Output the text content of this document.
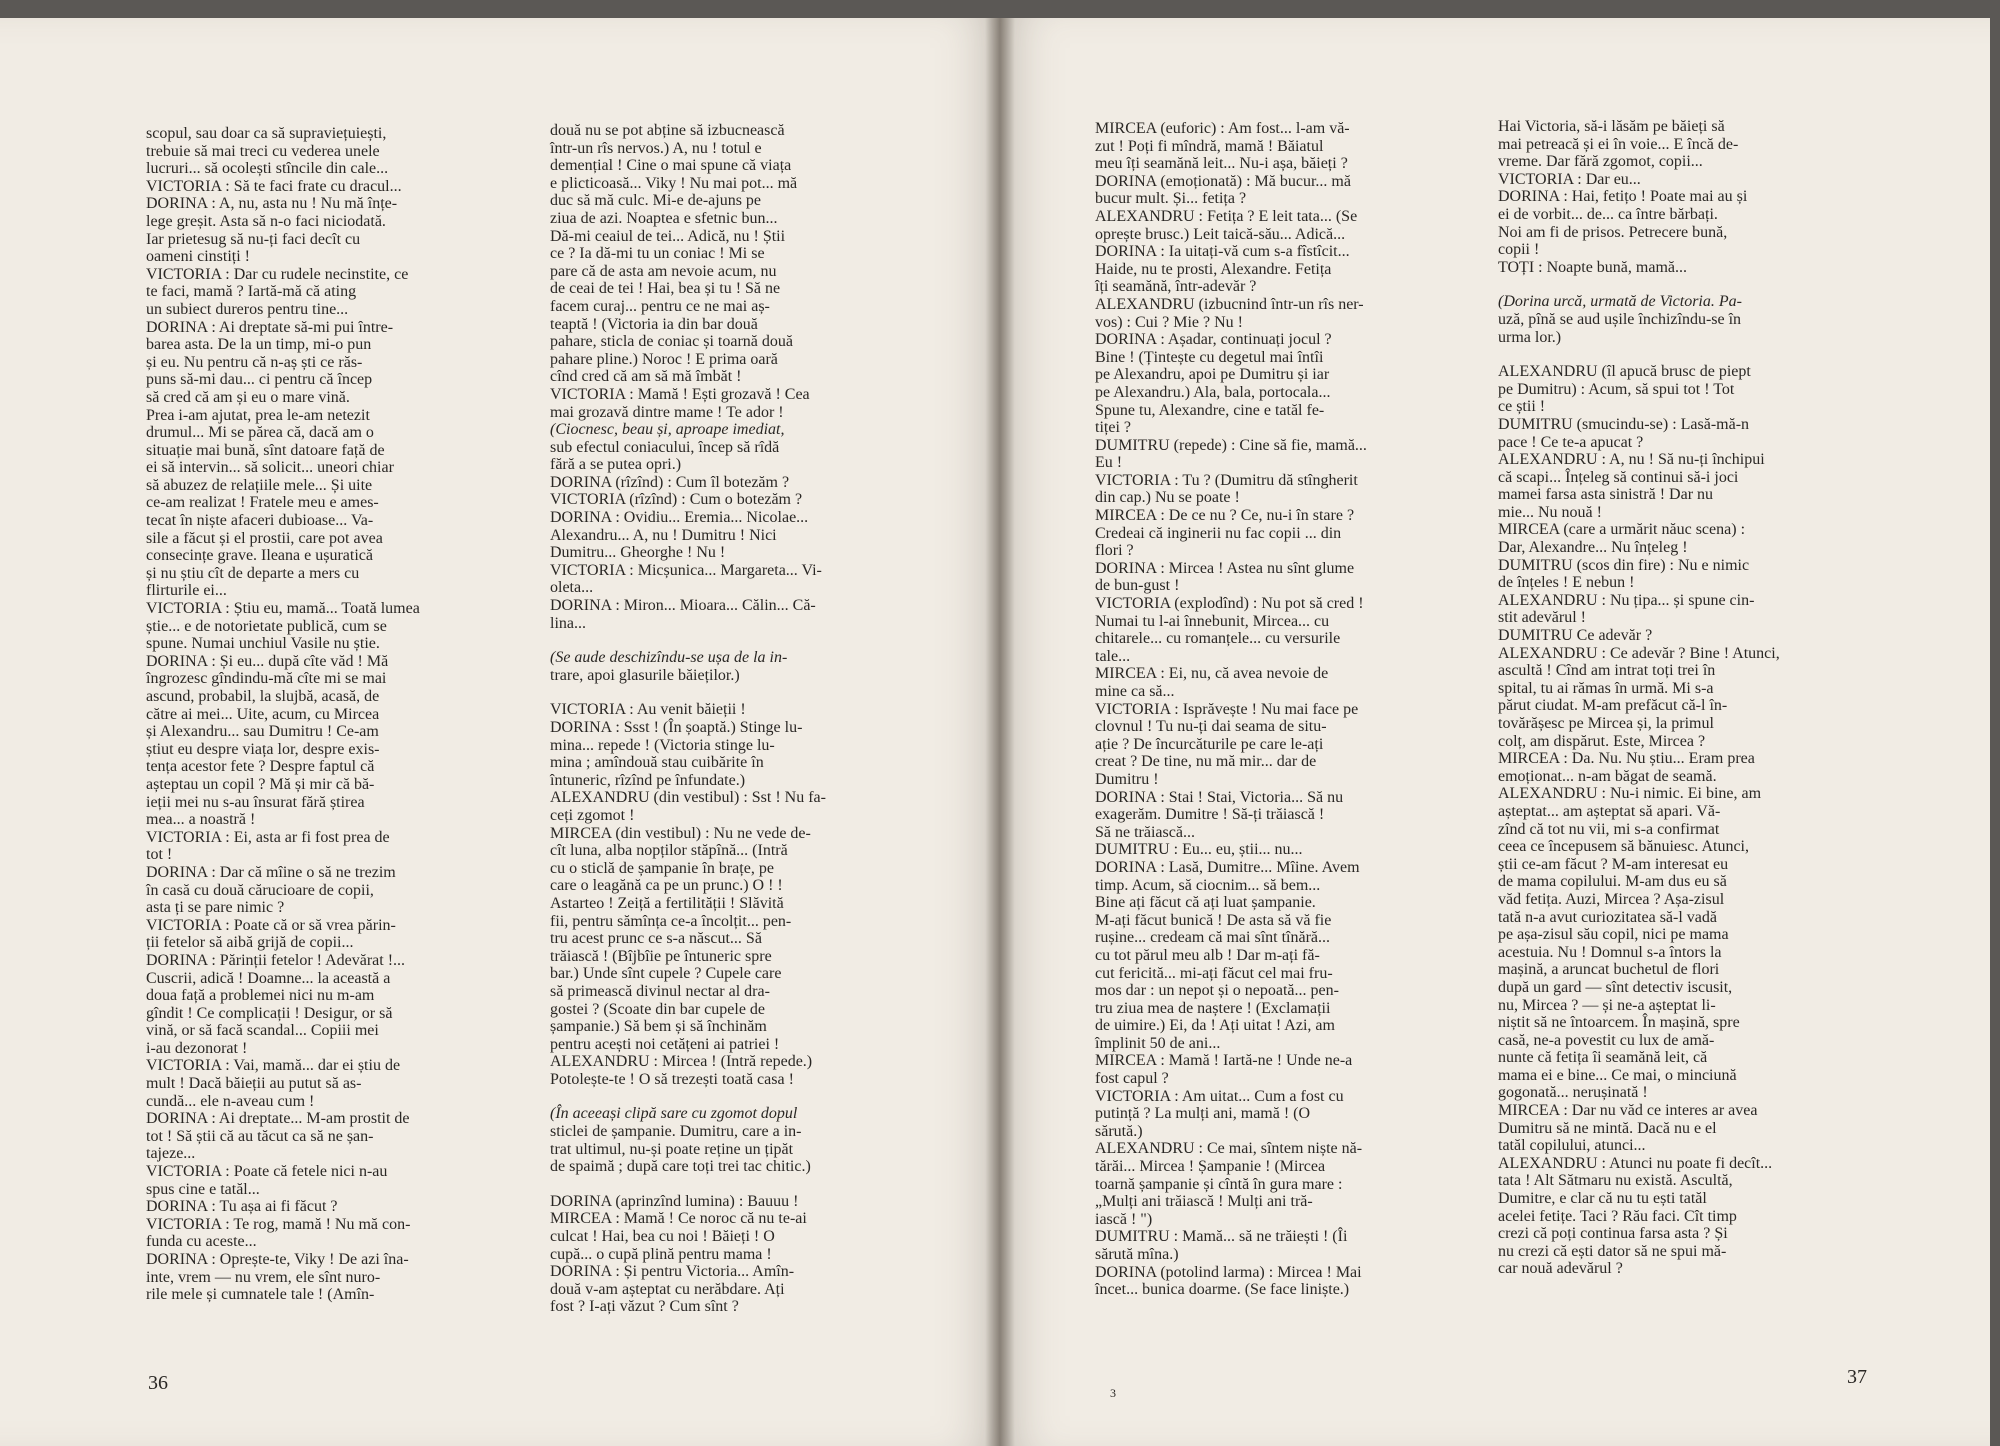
scopul, sau doar ca să supraviețuiești,

trebuie să mai treci cu vederea unele

lucruri... să ocolești stîncile din cale...

VICTORIA : Să te faci frate cu dracul...

DORINA : A, nu, asta nu ! Nu mă înțe-

lege greșit. Asta să n-o faci niciodată.

Iar prietesug să nu-ți faci decît cu

oameni cinstiți !

VICTORIA : Dar cu rudele necinstite, ce

te faci, mamă ? Iartă-mă că ating

un subiect dureros pentru tine...

DORINA : Ai dreptate să-mi pui între-

barea asta. De la un timp, mi-o pun

și eu. Nu pentru că n-aș ști ce răs-

puns să-mi dau... ci pentru că încep

să cred că am și eu o mare vină.

Prea i-am ajutat, prea le-am netezit

drumul... Mi se părea că, dacă am o

situație mai bună, sînt datoare față de

ei să intervin... să solicit... uneori chiar

să abuzez de relațiile mele... Și uite

ce-am realizat ! Fratele meu e ames-

tecat în niște afaceri dubioase... Va-

sile a făcut și el prostii, care pot avea

consecințe grave. Ileana e ușuratică

și nu știu cît de departe a mers cu

flirturile ei...

VICTORIA : Știu eu, mamă... Toată lumea

știe... e de notorietate publică, cum se

spune. Numai unchiul Vasile nu știe.

DORINA : Și eu... după cîte văd ! Mă

îngrozesc gîndindu-mă cîte mi se mai

ascund, probabil, la slujbă, acasă, de

către ai mei... Uite, acum, cu Mircea

și Alexandru... sau Dumitru ! Ce-am

știut eu despre viața lor, despre exis-

tența acestor fete ? Despre faptul că

așteptau un copil ? Mă și mir că bă-

ieții mei nu s-au însurat fără știrea

mea... a noastră !

VICTORIA : Ei, asta ar fi fost prea de

tot !

DORINA : Dar că mîine o să ne trezim

în casă cu două cărucioare de copii,

asta ți se pare nimic ?

VICTORIA : Poate că or să vrea părin-

ții fetelor să aibă grijă de copii...

DORINA : Părinții fetelor ! Adevărat !...

Cuscrii, adică ! Doamne... la această a

doua față a problemei nici nu m-am

gîndit ! Ce complicații ! Desigur, or să

vină, or să facă scandal... Copiii mei

i-au dezonorat !

VICTORIA : Vai, mamă... dar ei știu de

mult ! Dacă băieții au putut să as-

cundă... ele n-aveau cum !

DORINA : Ai dreptate... M-am prostit de

tot ! Să știi că au tăcut ca să ne șan-

tajeze...

VICTORIA : Poate că fetele nici n-au

spus cine e tatăl...

DORINA : Tu așa ai fi făcut ?

VICTORIA : Te rog, mamă ! Nu mă con-

funda cu aceste...

DORINA : Oprește-te, Viky ! De azi îna-

inte, vrem — nu vrem, ele sînt nuro-

rile mele și cumnatele tale ! (Amîn-

două nu se pot abține să izbucnească

într-un rîs nervos.) A, nu ! totul e

demențial ! Cine o mai spune că viața

e plicticoasă... Viky ! Nu mai pot... mă

duc să mă culc. Mi-e de-ajuns pe

ziua de azi. Noaptea e sfetnic bun...

Dă-mi ceaiul de tei... Adică, nu ! Știi

ce ? Ia dă-mi tu un coniac ! Mi se

pare că de asta am nevoie acum, nu

de ceai de tei ! Hai, bea și tu ! Să ne

facem curaj... pentru ce ne mai aș-

teaptă ! (Victoria ia din bar două

pahare, sticla de coniac și toarnă două

pahare pline.) Noroc ! E prima oară

cînd cred că am să mă îmbăt !

VICTORIA : Mamă ! Ești grozavă ! Cea

mai grozavă dintre mame ! Te ador !

(Ciocnesc, beau și, aproape imediat,

sub efectul coniacului, încep să rîdă

fără a se putea opri.)

DORINA (rîzînd) : Cum îl botezăm ?

VICTORIA (rîzînd) : Cum o botezăm ?

DORINA : Ovidiu... Eremia... Nicolae...

Alexandru... A, nu ! Dumitru ! Nici

Dumitru... Gheorghe ! Nu !

VICTORIA : Micșunica... Margareta... Vi-

oleta...

DORINA : Miron... Mioara... Călin... Că-

lina...

(Se aude deschizîndu-se ușa de la in-

trare, apoi glasurile băieților.)

VICTORIA : Au venit băieții !

DORINA : Ssst ! (În șoaptă.) Stinge lu-

mina... repede ! (Victoria stinge lu-

mina ; amîndouă stau cuibărite în

întuneric, rîzînd pe înfundate.)

ALEXANDRU (din vestibul) : Sst ! Nu fa-

ceți zgomot !

MIRCEA (din vestibul) : Nu ne vede de-

cît luna, alba nopților stăpînă... (Intră

cu o sticlă de șampanie în brațe, pe

care o leagănă ca pe un prunc.) O ! !

Astarteo ! Zeiță a fertilității ! Slăvită

fii, pentru sămînța ce-a încolțit... pen-

tru acest prunc ce s-a născut... Să

trăiască ! (Bîjbîie pe întuneric spre

bar.) Unde sînt cupele ? Cupele care

să primească divinul nectar al dra-

gostei ? (Scoate din bar cupele de

șampanie.) Să bem și să închinăm

pentru acești noi cetățeni ai patriei !

ALEXANDRU : Mircea ! (Intră repede.)

Potolește-te ! O să trezești toată casa !

(În aceeași clipă sare cu zgomot dopul

sticlei de șampanie. Dumitru, care a in-

trat ultimul, nu-și poate reține un țipăt

de spaimă ; după care toți trei tac chitic.)

DORINA (aprinzînd lumina) : Bauuu !

MIRCEA : Mamă ! Ce noroc că nu te-ai

culcat ! Hai, bea cu noi ! Băieți ! O

cupă... o cupă plină pentru mama !

DORINA : Și pentru Victoria... Amîn-

două v-am așteptat cu nerăbdare. Ați

fost ? I-ați văzut ? Cum sînt ?

36

MIRCEA (euforic) : Am fost... l-am vă-

zut ! Poți fi mîndră, mamă ! Băiatul

meu îți seamănă leit... Nu-i așa, băieți ?

DORINA (emoționată) : Mă bucur... mă

bucur mult. Și... fetița ?

ALEXANDRU : Fetița ? E leit tata... (Se

oprește brusc.) Leit taică-său... Adică...

DORINA : Ia uitați-vă cum s-a fîstîcit...

Haide, nu te prosti, Alexandre. Fetița

îți seamănă, într-adevăr ?

ALEXANDRU (izbucnind într-un rîs ner-

vos) : Cui ? Mie ? Nu !

DORINA : Așadar, continuați jocul ?

Bine ! (Țintește cu degetul mai întîi

pe Alexandru, apoi pe Dumitru și iar

pe Alexandru.) Ala, bala, portocala...

Spune tu, Alexandre, cine e tatăl fe-

tiței ?

DUMITRU (repede) : Cine să fie, mamă...

Eu !

VICTORIA : Tu ? (Dumitru dă stîngherit

din cap.) Nu se poate !

MIRCEA : De ce nu ? Ce, nu-i în stare ?

Credeai că inginerii nu fac copii ... din

flori ?

DORINA : Mircea ! Astea nu sînt glume

de bun-gust !

VICTORIA (explodînd) : Nu pot să cred !

Numai tu l-ai înnebunit, Mircea... cu

chitarele... cu romanțele... cu versurile

tale...

MIRCEA : Ei, nu, că avea nevoie de

mine ca să...

VICTORIA : Isprăvește ! Nu mai face pe

clovnul ! Tu nu-ți dai seama de situ-

ație ? De încurcăturile pe care le-ați

creat ? De tine, nu mă mir... dar de

Dumitru !

DORINA : Stai ! Stai, Victoria... Să nu

exagerăm. Dumitre ! Să-ți trăiască !

Să ne trăiască...

DUMITRU : Eu... eu, știi... nu...

DORINA : Lasă, Dumitre... Mîine. Avem

timp. Acum, să ciocnim... să bem...

Bine ați făcut că ați luat șampanie.

M-ați făcut bunică ! De asta să vă fie

rușine... credeam că mai sînt tînără...

cu tot părul meu alb ! Dar m-ați fă-

cut fericită... mi-ați făcut cel mai fru-

mos dar : un nepot și o nepoată... pen-

tru ziua mea de naștere ! (Exclamații

de uimire.) Ei, da ! Ați uitat ! Azi, am

împlinit 50 de ani...

MIRCEA : Mamă ! Iartă-ne ! Unde ne-a

fost capul ?

VICTORIA : Am uitat... Cum a fost cu

putință ? La mulți ani, mamă ! (O

sărută.)

ALEXANDRU : Ce mai, sîntem niște nă-

tărăi... Mircea ! Șampanie ! (Mircea

toarnă șampanie și cîntă în gura mare :

„Mulți ani trăiască ! Mulți ani tră-

iască ! ")

DUMITRU : Mamă... să ne trăiești ! (Îi

sărută mîna.)

DORINA (potolind larma) : Mircea ! Mai

încet... bunica doarme. (Se face liniște.)

Hai Victoria, să-i lăsăm pe băieți să

mai petreacă și ei în voie... E încă de-

vreme. Dar fără zgomot, copii...

VICTORIA : Dar eu...

DORINA : Hai, fetițo ! Poate mai au și

ei de vorbit... de... ca între bărbați.

Noi am fi de prisos. Petrecere bună,

copii !

TOȚI : Noapte bună, mamă...

(Dorina urcă, urmată de Victoria. Pa-

uză, pînă se aud ușile închizîndu-se în

urma lor.)

ALEXANDRU (îl apucă brusc de piept

pe Dumitru) : Acum, să spui tot ! Tot

ce știi !

DUMITRU (smucindu-se) : Lasă-mă-n

pace ! Ce te-a apucat ?

ALEXANDRU : A, nu ! Să nu-ți închipui

că scapi... Înțeleg să continui să-i joci

mamei farsa asta sinistră ! Dar nu

mie... Nu nouă !

MIRCEA (care a urmărit năuc scena) :

Dar, Alexandre... Nu înțeleg !

DUMITRU (scos din fire) : Nu e nimic

de înțeles ! E nebun !

ALEXANDRU : Nu țipa... și spune cin-

stit adevărul !

DUMITRU Ce adevăr ?

ALEXANDRU : Ce adevăr ? Bine ! Atunci,

ascultă ! Cînd am intrat toți trei în

spital, tu ai rămas în urmă. Mi s-a

părut ciudat. M-am prefăcut că-l în-

tovărășesc pe Mircea și, la primul

colț, am dispărut. Este, Mircea ?

MIRCEA : Da. Nu. Nu știu... Eram prea

emoționat... n-am băgat de seamă.

ALEXANDRU : Nu-i nimic. Ei bine, am

așteptat... am așteptat să apari. Vă-

zînd că tot nu vii, mi s-a confirmat

ceea ce începusem să bănuiesc. Atunci,

știi ce-am făcut ? M-am interesat eu

de mama copilului. M-am dus eu să

văd fetița. Auzi, Mircea ? Așa-zisul

tată n-a avut curiozitatea să-l vadă

pe așa-zisul său copil, nici pe mama

acestuia. Nu ! Domnul s-a întors la

mașină, a aruncat buchetul de flori

după un gard — sînt detectiv iscusit,

nu, Mircea ? — și ne-a așteptat li-

niștit să ne întoarcem. În mașină, spre

casă, ne-a povestit cu lux de amă-

nunte că fetița îi seamănă leit, că

mama ei e bine... Ce mai, o minciună

gogonată... nerușinată !

MIRCEA : Dar nu văd ce interes ar avea

Dumitru să ne mintă. Dacă nu e el

tatăl copilului, atunci...

ALEXANDRU : Atunci nu poate fi decît...

tata ! Alt Sătmaru nu există. Ascultă,

Dumitre, e clar că nu tu ești tatăl

acelei fetițe. Taci ? Rău faci. Cît timp

crezi că poți continua farsa asta ? Și

nu crezi că ești dator să ne spui mă-

car nouă adevărul ?

3
37
